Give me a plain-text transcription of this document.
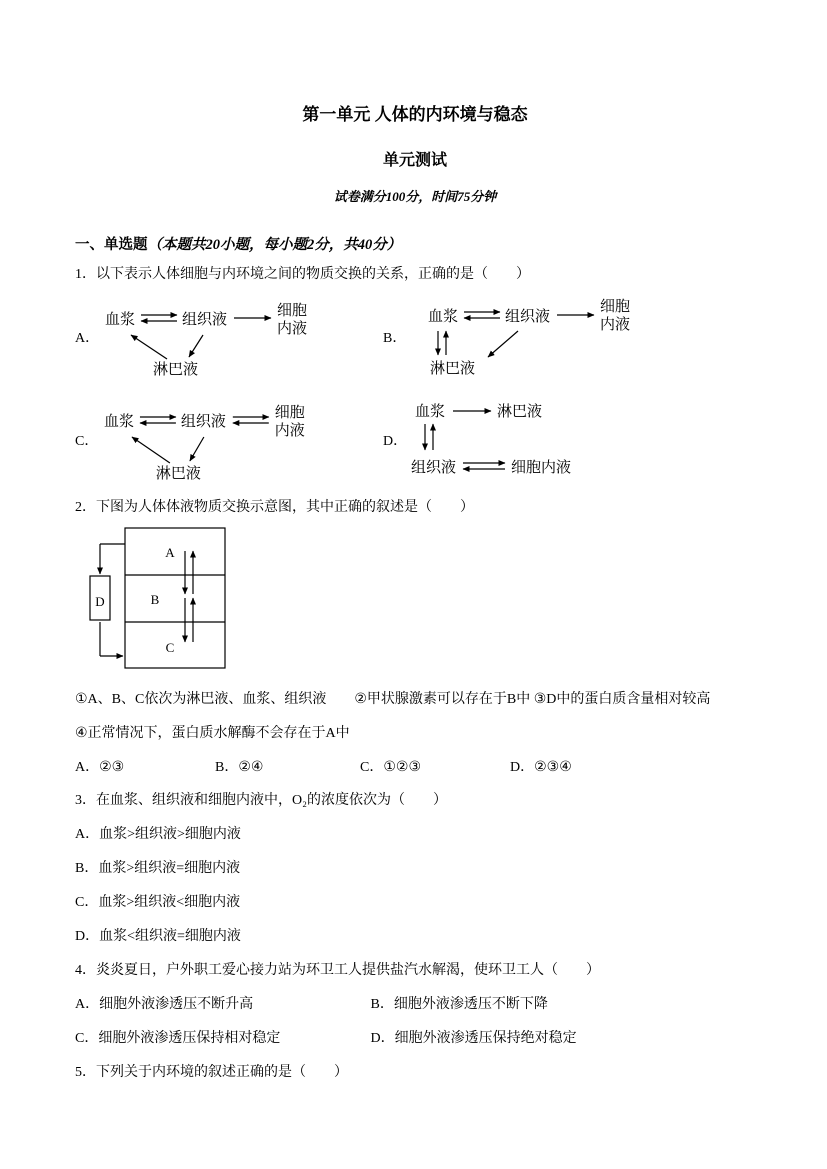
第一单元 人体的内环境与稳态
单元测试
试卷满分100分，时间75分钟
一、单选题（本题共20小题，每小题2分，共40分）

1．以下表示人体细胞与内环境之间的物质交换的关系，正确的是（　　）

A．
血浆	组织液
细胞
内液
淋巴液
B．
血浆	组织液
细胞
内液
淋巴液
C．
血浆	组织液
细胞
内液
淋巴液
D．
血浆	淋巴液
组织液	细胞内液

2．下图为人体体液物质交换示意图，其中正确的叙述是（　　）

A
B
C
D

①A、B、C依次为淋巴液、血浆、组织液　　②甲状腺激素可以存在于B中 ③D中的蛋白质含量相对较高

④正常情况下，蛋白质水解酶不会存在于A中

A．②③	B．②④	C．①②③	D．②③④

3．在血浆、组织液和细胞内液中，O₂的浓度依次为（　　）

A．血浆>组织液>细胞内液

B．血浆>组织液=细胞内液

C．血浆>组织液<细胞内液

D．血浆<组织液=细胞内液

4．炎炎夏日，户外职工爱心接力站为环卫工人提供盐汽水解渴，使环卫工人（　　）

A．细胞外液渗透压不断升高	B．细胞外液渗透压不断下降
C．细胞外液渗透压保持相对稳定	D．细胞外液渗透压保持绝对稳定

5．下列关于内环境的叙述正确的是（　　）
